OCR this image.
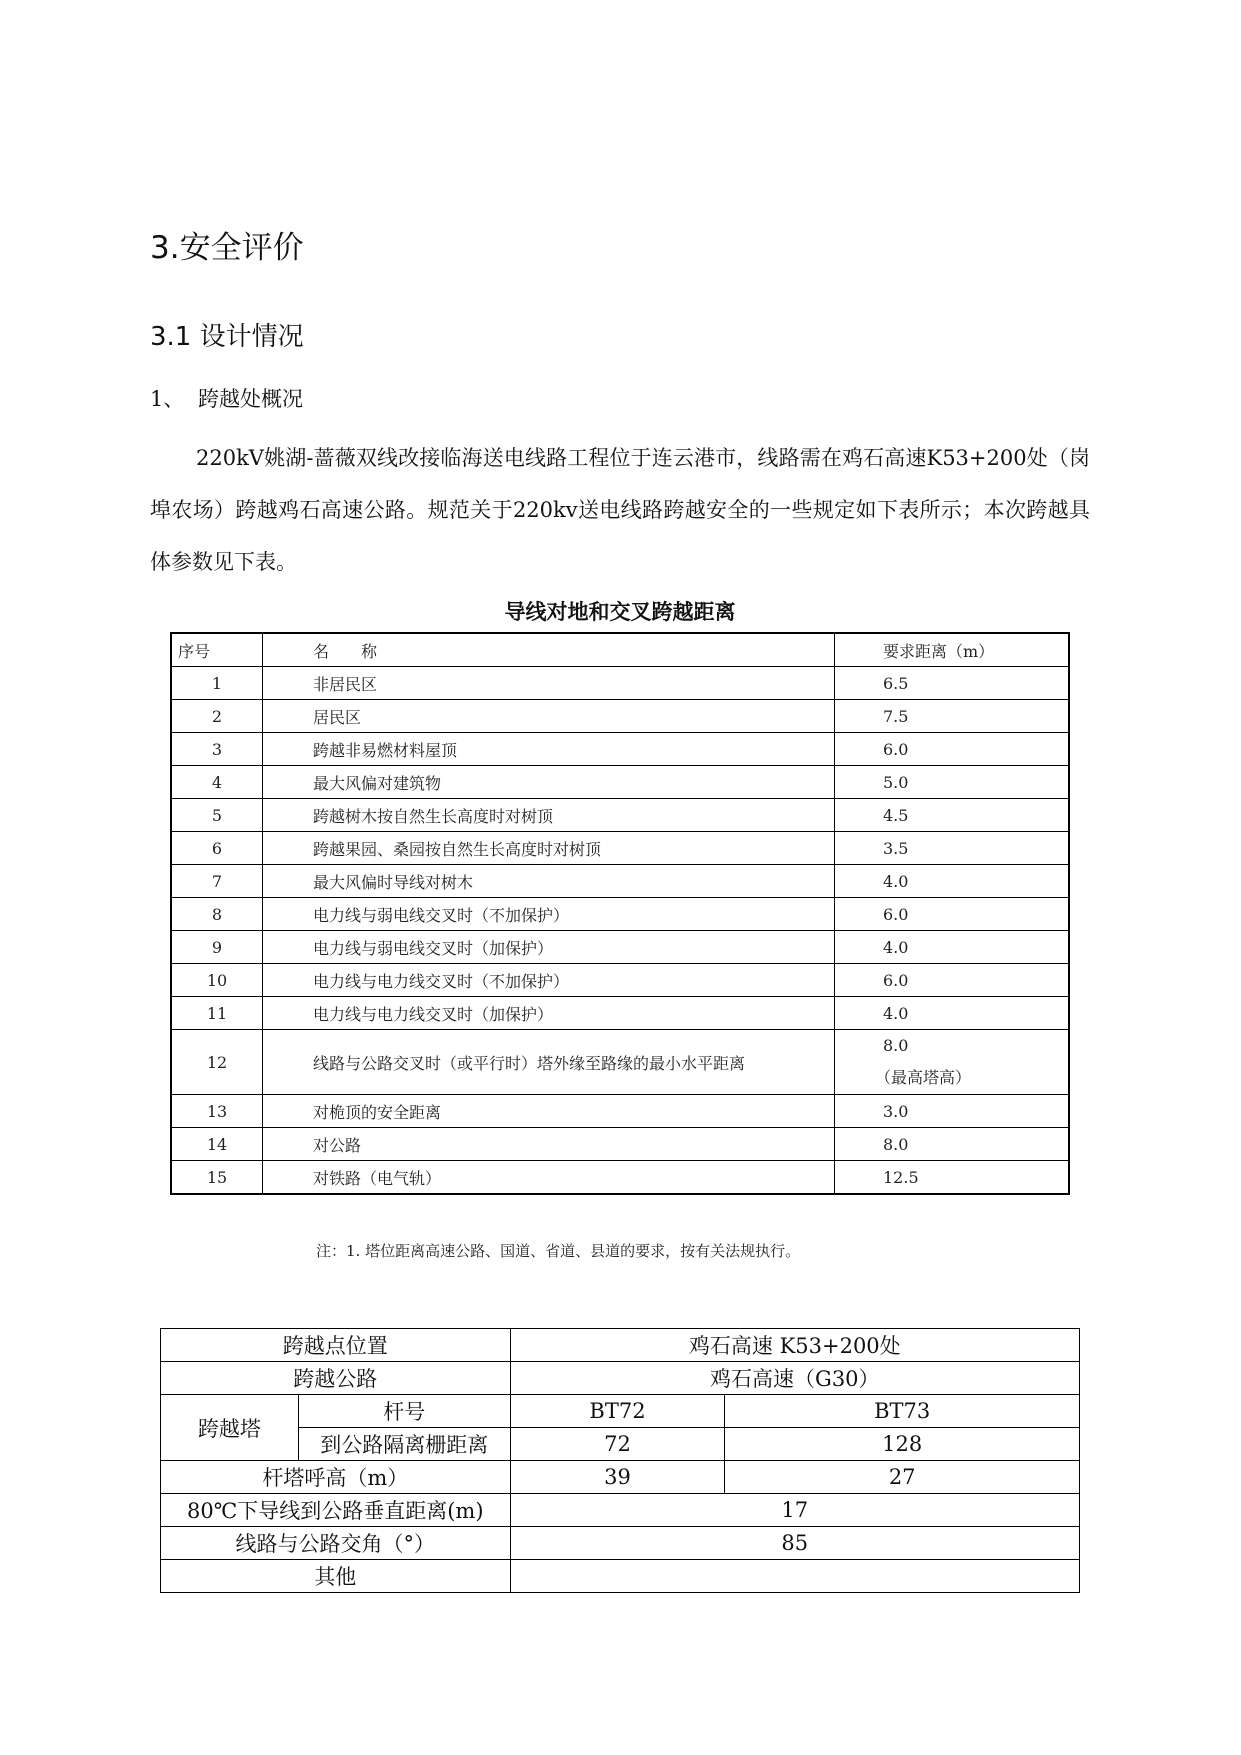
3.安全评价
3.1 设计情况
1、 跨越处概况

220kV姚湖-蔷薇双线改接临海送电线路工程位于连云港市，线路需在鸡石高速K53+200处（岗埠农场）跨越鸡石高速公路。规范关于220kv送电线路跨越安全的一些规定如下表所示；本次跨越具体参数见下表。

导线对地和交叉跨越距离
序号	名　　称	要求距离（m）
1	非居民区	6.5
2	居民区	7.5
3	跨越非易燃材料屋顶	6.0
4	最大风偏对建筑物	5.0
5	跨越树木按自然生长高度时对树顶	4.5
6	跨越果园、桑园按自然生长高度时对树顶	3.5
7	最大风偏时导线对树木	4.0
8	电力线与弱电线交叉时（不加保护）	6.0
9	电力线与弱电线交叉时（加保护）	4.0
10	电力线与电力线交叉时（不加保护）	6.0
11	电力线与电力线交叉时（加保护）	4.0
12	线路与公路交叉时（或平行时）塔外缘至路缘的最小水平距离	8.0
（最高塔高）

13	对桅顶的安全距离	3.0
14	对公路	8.0
15	对铁路（电气轨）	12.5
注：1. 塔位距离高速公路、国道、省道、县道的要求，按有关法规执行。
跨越点位置		鸡石高速 K53+200处	
跨越公路		鸡石高速（G30）	
跨越塔	杆号	BT72	BT73
	到公路隔离栅距离	72	128
杆塔呼高（m）		39	27
80℃下导线到公路垂直距离(m)		17	
线路与公路交角（°）		85	
其他			
